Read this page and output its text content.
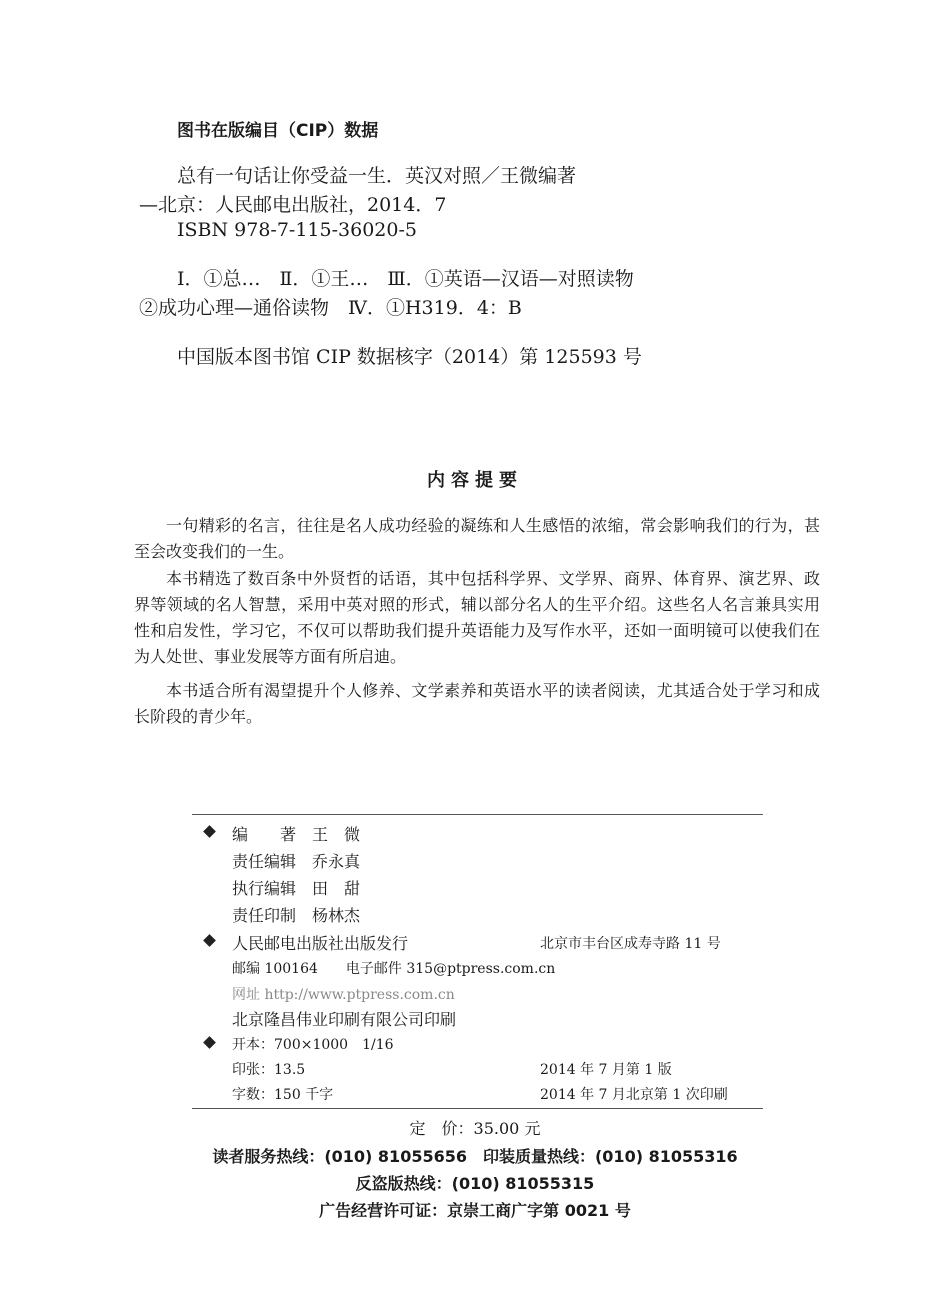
图书在版编目（CIP）数据
总有一句话让你受益一生．英汉对照／王微编著
—北京：人民邮电出版社，2014．7
ISBN 978-7-115-36020-5
Ⅰ．①总…　Ⅱ．①王…　Ⅲ．①英语—汉语—对照读物
②成功心理—通俗读物　Ⅳ．①H319．4：B
中国版本图书馆 CIP 数据核字（2014）第 125593 号
内容提要
一句精彩的名言，往往是名人成功经验的凝练和人生感悟的浓缩，常会影响我们的行为，甚至会改变我们的一生。
本书精选了数百条中外贤哲的话语，其中包括科学界、文学界、商界、体育界、演艺界、政界等领域的名人智慧，采用中英对照的形式，辅以部分名人的生平介绍。这些名人名言兼具实用性和启发性，学习它，不仅可以帮助我们提升英语能力及写作水平，还如一面明镜可以使我们在为人处世、事业发展等方面有所启迪。
本书适合所有渴望提升个人修养、文学素养和英语水平的读者阅读，尤其适合处于学习和成长阶段的青少年。
编　　著　王　微
责任编辑　乔永真
执行编辑　田　甜
责任印制　杨林杰
人民邮电出版社出版发行	北京市丰台区成寿寺路 11 号
邮编 100164　　电子邮件 315@ptpress.com.cn
网址 http://www.ptpress.com.cn
北京隆昌伟业印刷有限公司印刷
开本：700×1000　1/16
印张：13.5	2014 年 7 月第 1 版
字数：150 千字	2014 年 7 月北京第 1 次印刷
定　价：35.00 元
读者服务热线：(010) 81055656　印装质量热线：(010) 81055316
反盗版热线：(010) 81055315
广告经营许可证：京崇工商广字第 0021 号
